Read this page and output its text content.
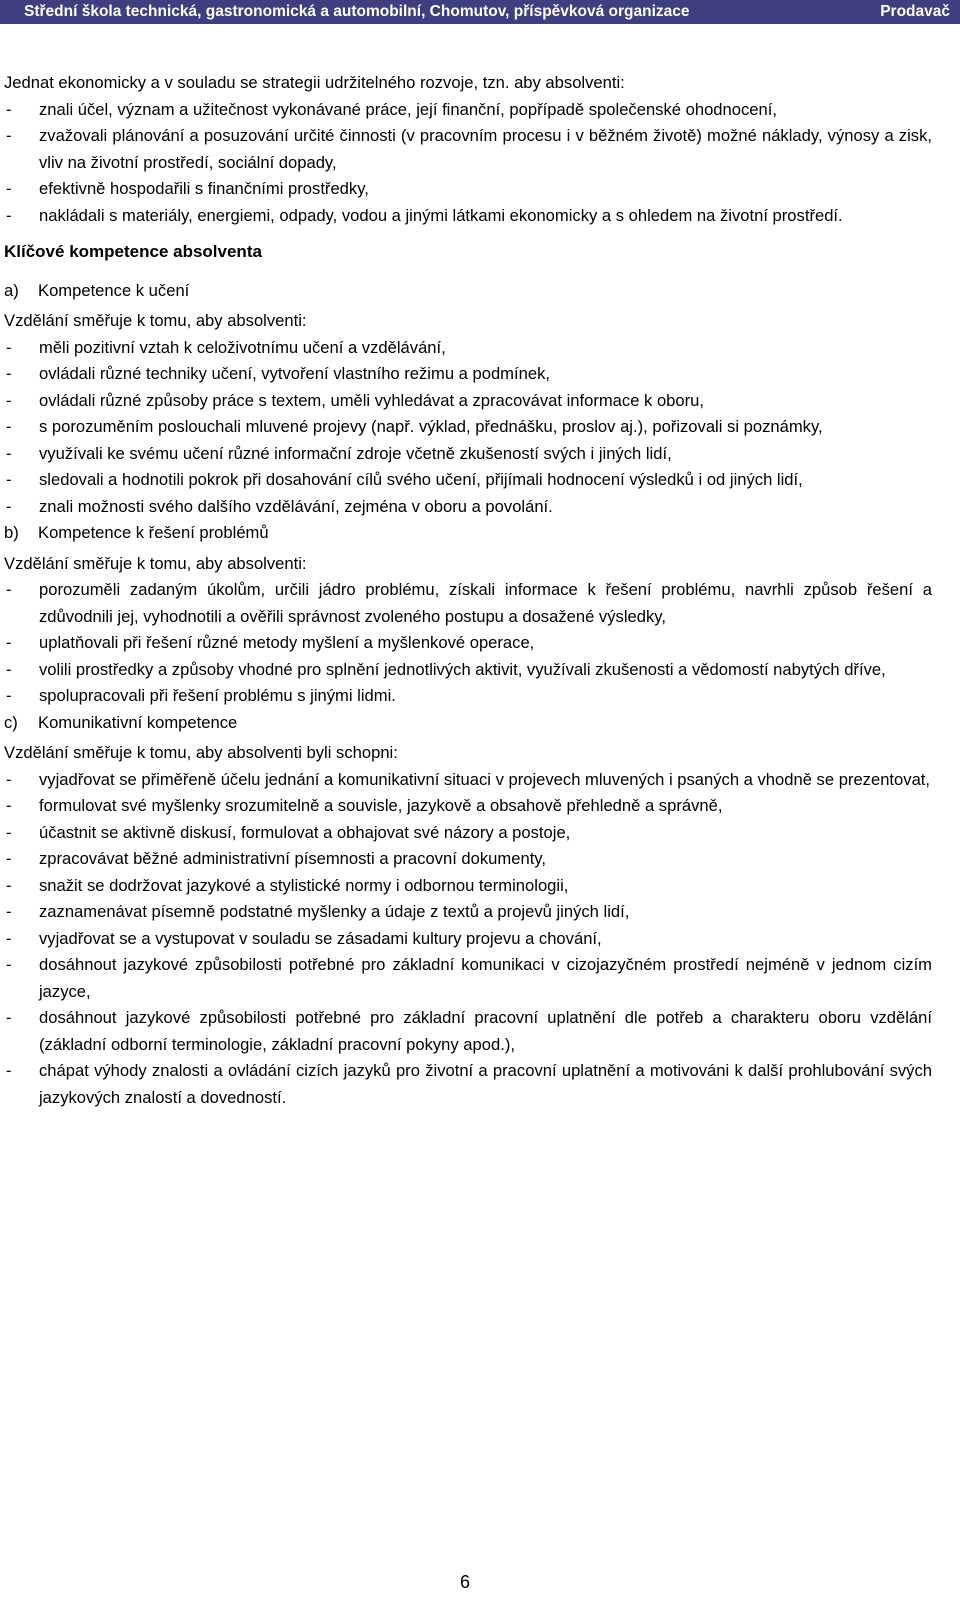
Střední škola technická, gastronomická a automobilní, Chomutov, příspěvková organizace	Prodavač

Jednat ekonomicky a v souladu se strategii udržitelného rozvoje, tzn. aby absolventi:

- znali účel, význam a užitečnost vykonávané práce, její finanční, popřípadě společenské ohodnocení,
- zvažovali plánování a posuzování určité činnosti (v pracovním procesu i v běžném životě) možné náklady, výnosy a zisk, vliv na životní prostředí, sociální dopady,
- efektivně hospodařili s finančními prostředky,
- nakládali s materiály, energiemi, odpady, vodou a jinými látkami ekonomicky a s ohledem na životní prostředí.

Klíčové kompetence absolventa

a) Kompetence k učení

Vzdělání směřuje k tomu, aby absolventi:

- měli pozitivní vztah k celoživotnímu učení a vzdělávání,
- ovládali různé techniky učení, vytvoření vlastního režimu a podmínek,
- ovládali různé způsoby práce s textem, uměli vyhledávat a zpracovávat informace k oboru,
- s porozuměním poslouchali mluvené projevy (např. výklad, přednášku, proslov aj.), pořizovali si poznámky,
- využívali ke svému učení různé informační zdroje včetně zkušeností svých i jiných lidí,
- sledovali a hodnotili pokrok při dosahování cílů svého učení, přijímali hodnocení výsledků i od jiných lidí,
- znali možnosti svého dalšího vzdělávání, zejména v oboru a povolání.

b) Kompetence k řešení problémů

Vzdělání směřuje k tomu, aby absolventi:

- porozuměli zadaným úkolům, určili jádro problému, získali informace k řešení problému, navrhli způsob řešení a zdůvodnili jej, vyhodnotili a ověřili správnost zvoleného postupu a dosažené výsledky,
- uplatňovali při řešení různé metody myšlení a myšlenkové operace,
- volili prostředky a způsoby vhodné pro splnění jednotlivých aktivit, využívali zkušenosti a vědomostí nabytých dříve,
- spolupracovali při řešení problému s jinými lidmi.

c) Komunikativní kompetence

Vzdělání směřuje k tomu, aby absolventi byli schopni:

- vyjadřovat se přiměřeně účelu jednání a komunikativní situaci v projevech mluvených i psaných a vhodně se prezentovat,
- formulovat své myšlenky srozumitelně a souvisle, jazykově a obsahově přehledně a správně,
- účastnit se aktivně diskusí, formulovat a obhajovat své názory a postoje,
- zpracovávat běžné administrativní písemnosti a pracovní dokumenty,
- snažit se dodržovat jazykové a stylistické normy i odbornou terminologii,
- zaznamenávat písemně podstatné myšlenky a údaje z textů a projevů jiných lidí,
- vyjadřovat se a vystupovat v souladu se zásadami kultury projevu a chování,
- dosáhnout jazykové způsobilosti potřebné pro základní komunikaci v cizojazyčném prostředí nejméně v jednom cizím jazyce,
- dosáhnout jazykové způsobilosti potřebné pro základní pracovní uplatnění dle potřeb a charakteru oboru vzdělání (základní odborní terminologie, základní pracovní pokyny apod.),
- chápat výhody znalosti a ovládání cizích jazyků pro životní a pracovní uplatnění a motivováni k další prohlubování svých jazykových znalostí a dovedností.
6
